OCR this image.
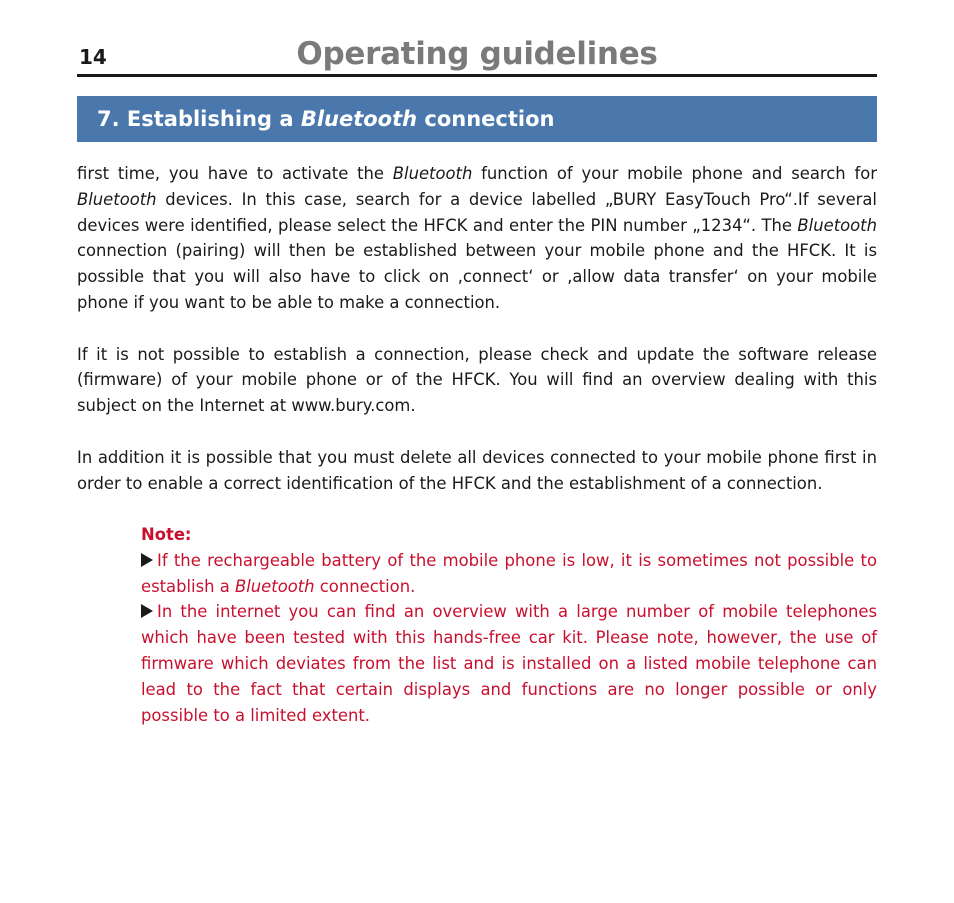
14	Operating guidelines
7. Establishing a Bluetooth connection

first time, you have to activate the Bluetooth function of your mobile phone and search for Bluetooth devices. In this case, search for a device labelled „BURY EasyTouch Pro“.If several devices were identified, please select the HFCK and enter the PIN number „1234“. The Bluetooth connection (pairing) will then be established between your mobile phone and the HFCK. It is possible that you will also have to click on ‚connect‘ or ‚allow data transfer‘ on your mobile phone if you want to be able to make a connection.

If it is not possible to establish a connection, please check and update the software release (firmware) of your mobile phone or of the HFCK. You will find an overview dealing with this subject on the Internet at www.bury.com.

In addition it is possible that you must delete all devices connected to your mobile phone first in order to enable a correct identification of the HFCK and the establishment of a connection.

Note:

If the rechargeable battery of the mobile phone is low, it is sometimes not possible to establish a Bluetooth connection.

In the internet you can find an overview with a large number of mobile telephones which have been tested with this hands-free car kit. Please note, however, the use of firmware which deviates from the list and is installed on a listed mobile telephone can lead to the fact that certain displays and functions are no longer possible or only possible to a limited extent.
